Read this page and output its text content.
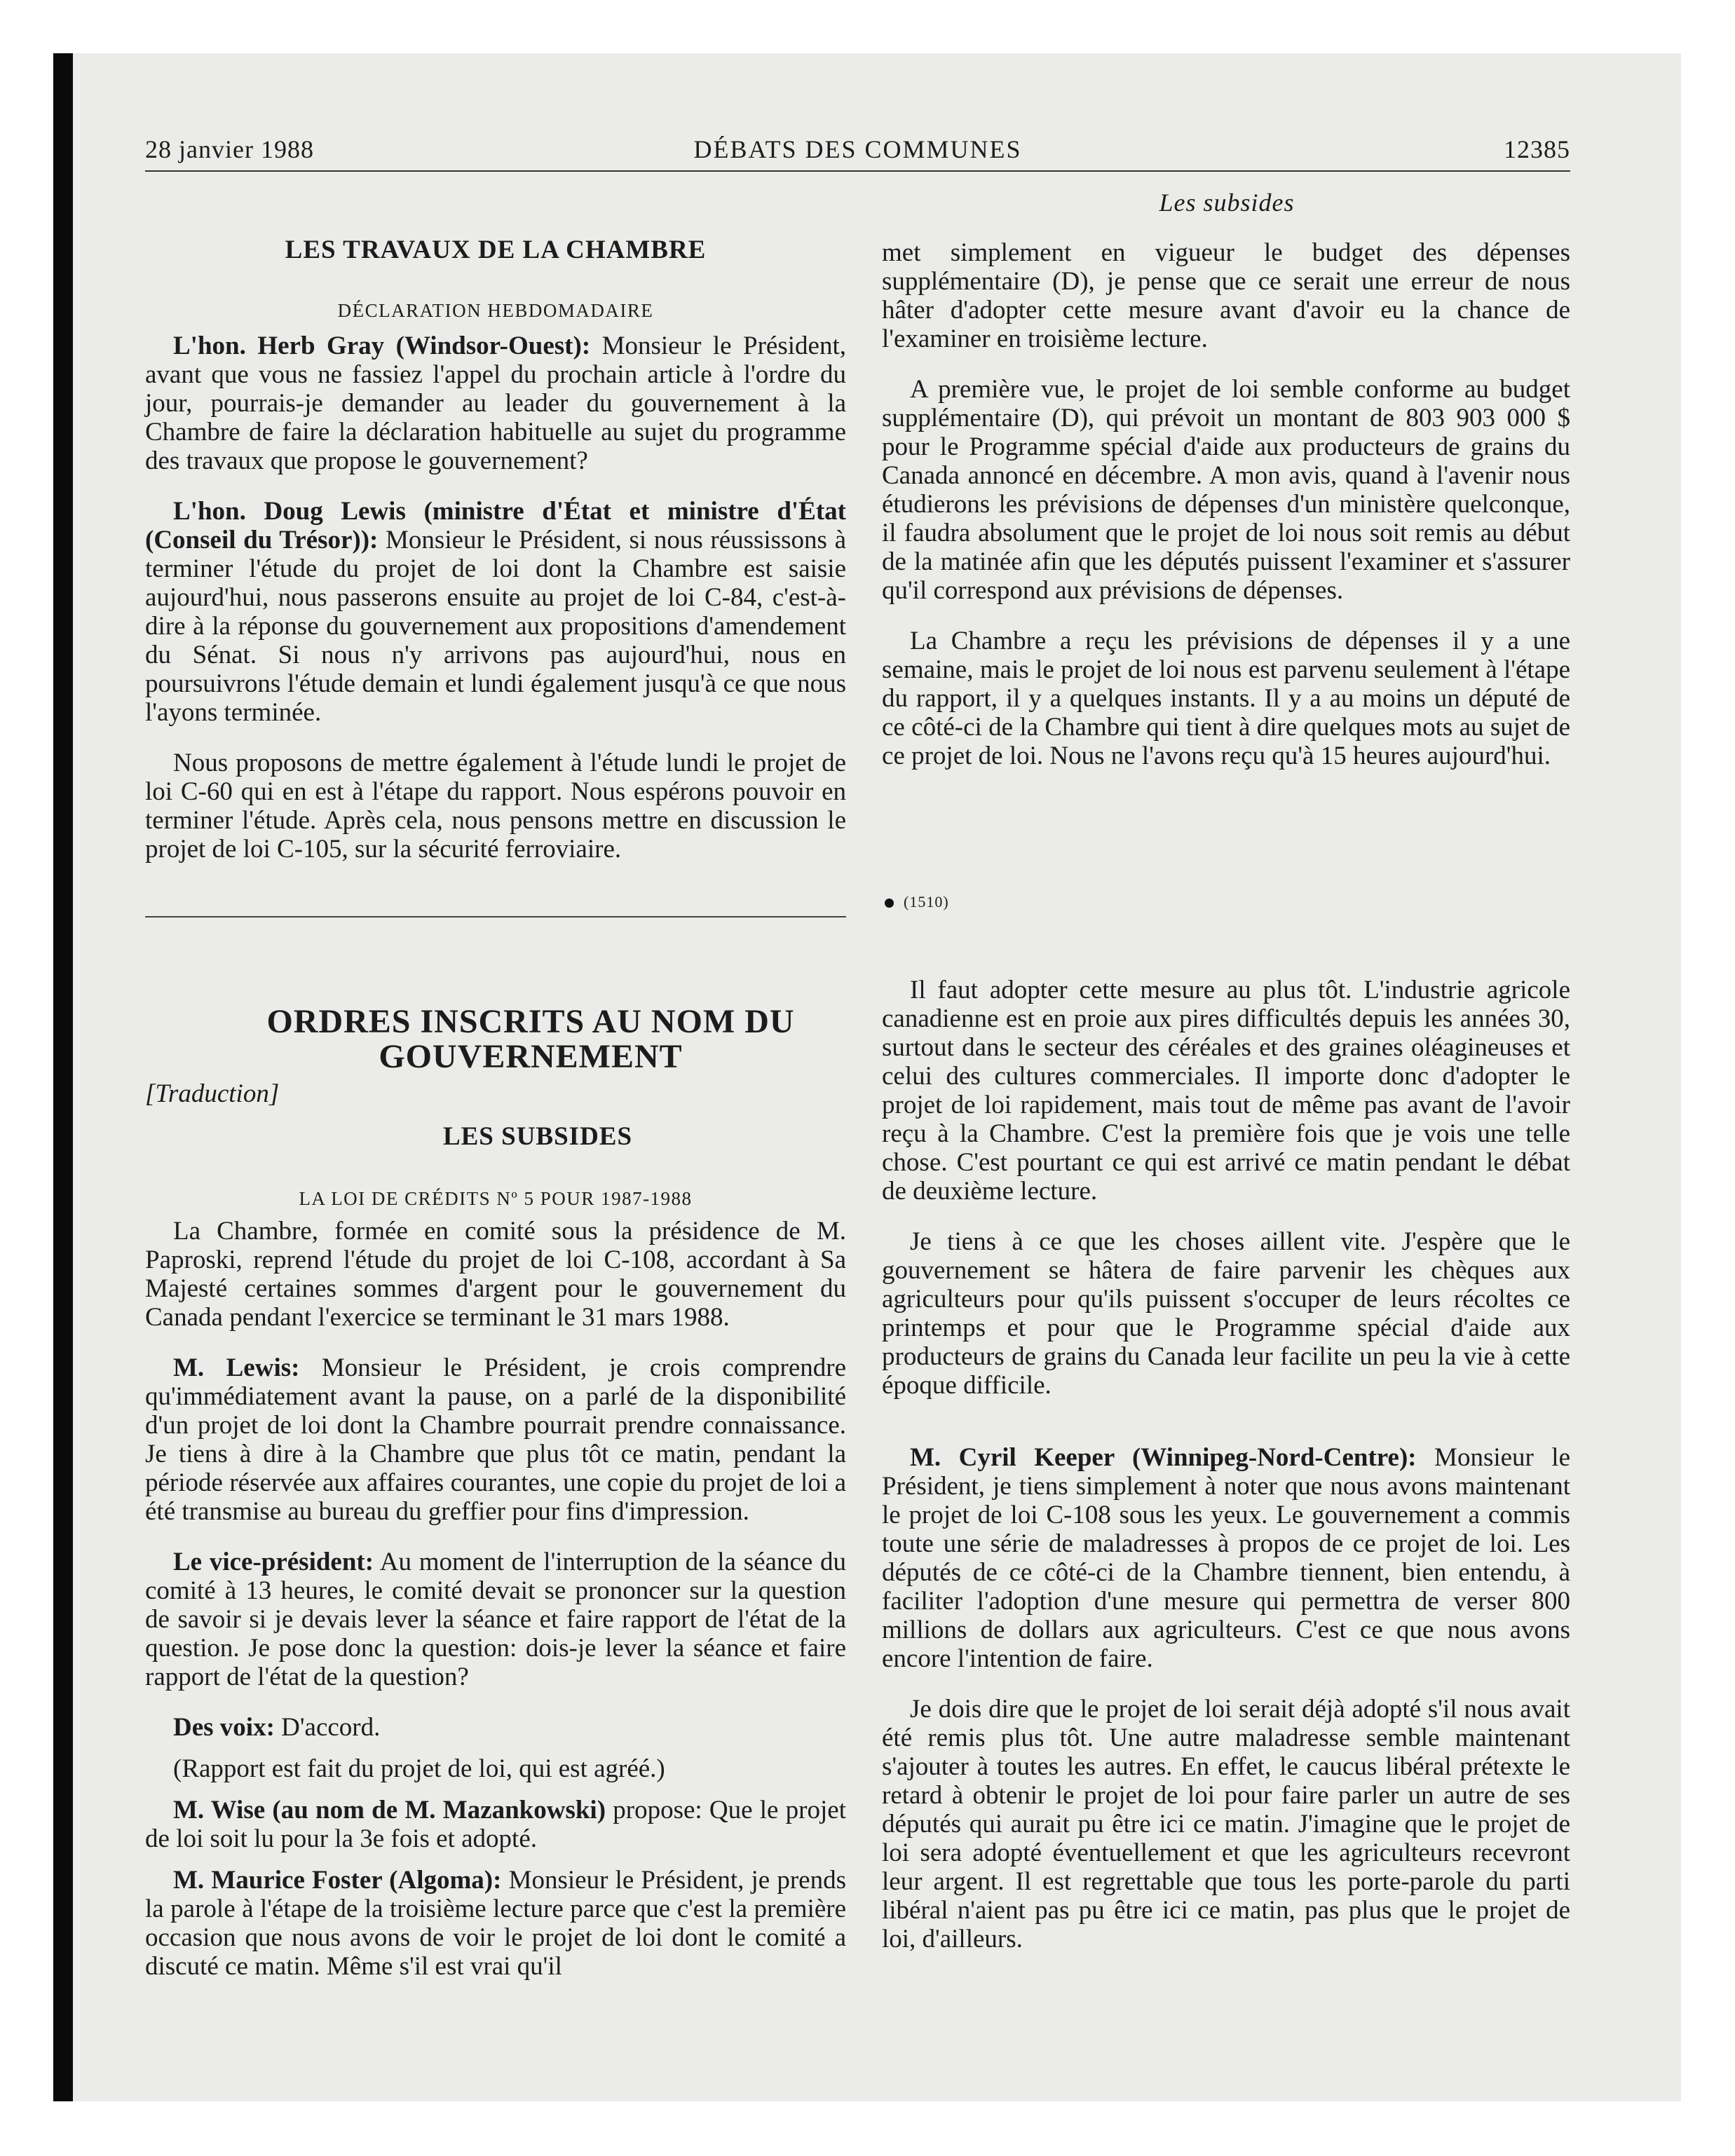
28 janvier 1988	DÉBATS DES COMMUNES	12385
Les subsides

LES TRAVAUX DE LA CHAMBRE

DÉCLARATION HEBDOMADAIRE

L'hon. Herb Gray (Windsor-Ouest): Monsieur le Président, avant que vous ne fassiez l'appel du prochain article à l'ordre du jour, pourrais-je demander au leader du gouvernement à la Chambre de faire la déclaration habituelle au sujet du programme des travaux que propose le gouvernement?

L'hon. Doug Lewis (ministre d'État et ministre d'État (Conseil du Trésor)): Monsieur le Président, si nous réussissons à terminer l'étude du projet de loi dont la Chambre est saisie aujourd'hui, nous passerons ensuite au projet de loi C-84, c'est-à-dire à la réponse du gouvernement aux propositions d'amendement du Sénat. Si nous n'y arrivons pas aujourd'hui, nous en poursuivrons l'étude demain et lundi également jusqu'à ce que nous l'ayons terminée.

Nous proposons de mettre également à l'étude lundi le projet de loi C-60 qui en est à l'étape du rapport. Nous espérons pouvoir en terminer l'étude. Après cela, nous pensons mettre en discussion le projet de loi C-105, sur la sécurité ferroviaire.

ORDRES INSCRITS AU NOM DU GOUVERNEMENT

[Traduction]

LES SUBSIDES

LA LOI DE CRÉDITS Nº 5 POUR 1987-1988

La Chambre, formée en comité sous la présidence de M. Paproski, reprend l'étude du projet de loi C-108, accordant à Sa Majesté certaines sommes d'argent pour le gouvernement du Canada pendant l'exercice se terminant le 31 mars 1988.

M. Lewis: Monsieur le Président, je crois comprendre qu'immédiatement avant la pause, on a parlé de la disponibilité d'un projet de loi dont la Chambre pourrait prendre connaissance. Je tiens à dire à la Chambre que plus tôt ce matin, pendant la période réservée aux affaires courantes, une copie du projet de loi a été transmise au bureau du greffier pour fins d'impression.

Le vice-président: Au moment de l'interruption de la séance du comité à 13 heures, le comité devait se prononcer sur la question de savoir si je devais lever la séance et faire rapport de l'état de la question. Je pose donc la question: dois-je lever la séance et faire rapport de l'état de la question?

Des voix: D'accord.

(Rapport est fait du projet de loi, qui est agréé.)

M. Wise (au nom de M. Mazankowski) propose: Que le projet de loi soit lu pour la 3e fois et adopté.

M. Maurice Foster (Algoma): Monsieur le Président, je prends la parole à l'étape de la troisième lecture parce que c'est la première occasion que nous avons de voir le projet de loi dont le comité a discuté ce matin. Même s'il est vrai qu'il

met simplement en vigueur le budget des dépenses supplémentaire (D), je pense que ce serait une erreur de nous hâter d'adopter cette mesure avant d'avoir eu la chance de l'examiner en troisième lecture.

A première vue, le projet de loi semble conforme au budget supplémentaire (D), qui prévoit un montant de 803 903 000 $ pour le Programme spécial d'aide aux producteurs de grains du Canada annoncé en décembre. A mon avis, quand à l'avenir nous étudierons les prévisions de dépenses d'un ministère quelconque, il faudra absolument que le projet de loi nous soit remis au début de la matinée afin que les députés puissent l'examiner et s'assurer qu'il correspond aux prévisions de dépenses.

La Chambre a reçu les prévisions de dépenses il y a une semaine, mais le projet de loi nous est parvenu seulement à l'étape du rapport, il y a quelques instants. Il y a au moins un député de ce côté-ci de la Chambre qui tient à dire quelques mots au sujet de ce projet de loi. Nous ne l'avons reçu qu'à 15 heures aujourd'hui.

(1510)

Il faut adopter cette mesure au plus tôt. L'industrie agricole canadienne est en proie aux pires difficultés depuis les années 30, surtout dans le secteur des céréales et des graines oléagineuses et celui des cultures commerciales. Il importe donc d'adopter le projet de loi rapidement, mais tout de même pas avant de l'avoir reçu à la Chambre. C'est la première fois que je vois une telle chose. C'est pourtant ce qui est arrivé ce matin pendant le débat de deuxième lecture.

Je tiens à ce que les choses aillent vite. J'espère que le gouvernement se hâtera de faire parvenir les chèques aux agriculteurs pour qu'ils puissent s'occuper de leurs récoltes ce printemps et pour que le Programme spécial d'aide aux producteurs de grains du Canada leur facilite un peu la vie à cette époque difficile.

M. Cyril Keeper (Winnipeg-Nord-Centre): Monsieur le Président, je tiens simplement à noter que nous avons maintenant le projet de loi C-108 sous les yeux. Le gouvernement a commis toute une série de maladresses à propos de ce projet de loi. Les députés de ce côté-ci de la Chambre tiennent, bien entendu, à faciliter l'adoption d'une mesure qui permettra de verser 800 millions de dollars aux agriculteurs. C'est ce que nous avons encore l'intention de faire.

Je dois dire que le projet de loi serait déjà adopté s'il nous avait été remis plus tôt. Une autre maladresse semble maintenant s'ajouter à toutes les autres. En effet, le caucus libéral prétexte le retard à obtenir le projet de loi pour faire parler un autre de ses députés qui aurait pu être ici ce matin. J'imagine que le projet de loi sera adopté éventuellement et que les agriculteurs recevront leur argent. Il est regrettable que tous les porte-parole du parti libéral n'aient pas pu être ici ce matin, pas plus que le projet de loi, d'ailleurs.
